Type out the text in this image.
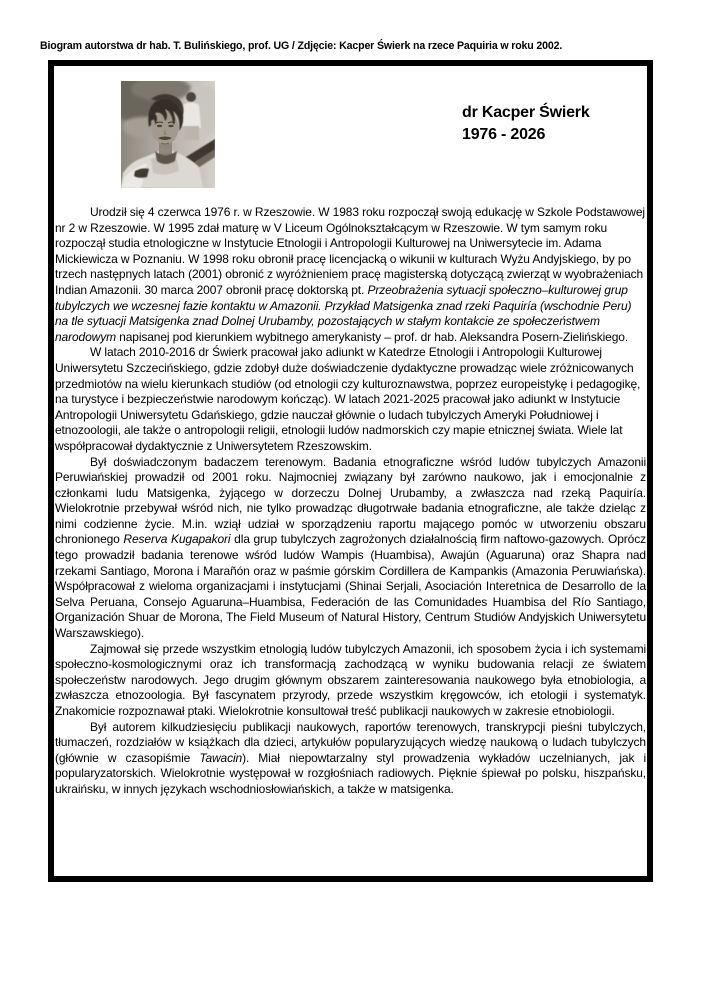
Biogram autorstwa dr hab. T. Bulińskiego, prof. UG / Zdjęcie: Kacper Świerk na rzece Paquiria w roku 2002.
dr Kacper Świerk
1976 - 2026

Urodził się 4 czerwca 1976 r. w Rzeszowie. W 1983 roku rozpoczął swoją edukację w Szkole Podstawowej nr 2 w Rzeszowie. W 1995 zdał maturę w V Liceum Ogólnokształcącym w Rzeszowie. W tym samym roku rozpoczął studia etnologiczne w Instytucie Etnologii i Antropologii Kulturowej na Uniwersytecie im. Adama Mickiewicza w Poznaniu. W 1998 roku obronił pracę licencjacką o wikunii w kulturach Wyżu Andyjskiego, by po trzech następnych latach (2001) obronić z wyróżnieniem pracę magisterską dotyczącą zwierząt w wyobrażeniach Indian Amazonii. 30 marca 2007 obronił pracę doktorską pt. Przeobrażenia sytuacji społeczno–kulturowej grup tubylczych we wczesnej fazie kontaktu w Amazonii. Przykład Matsigenka znad rzeki Paquiría (wschodnie Peru) na tle sytuacji Matsigenka znad Dolnej Urubamby, pozostających w stałym kontakcie ze społeczeństwem narodowym napisanej pod kierunkiem wybitnego amerykanisty – prof. dr hab. Aleksandra Posern-Zielińskiego.

W latach 2010-2016 dr Świerk pracował jako adiunkt w Katedrze Etnologii i Antropologii Kulturowej Uniwersytetu Szczecińskiego, gdzie zdobył duże doświadczenie dydaktyczne prowadząc wiele zróżnicowanych przedmiotów na wielu kierunkach studiów (od etnologii czy kulturoznawstwa, poprzez europeistykę i pedagogikę, na turystyce i bezpieczeństwie narodowym kończąc). W latach 2021-2025 pracował jako adiunkt w Instytucie Antropologii Uniwersytetu Gdańskiego, gdzie nauczał głównie o ludach tubylczych Ameryki Południowej i etnozoologii, ale także o antropologii religii, etnologii ludów nadmorskich czy mapie etnicznej świata. Wiele lat współpracował dydaktycznie z Uniwersytetem Rzeszowskim.

Był doświadczonym badaczem terenowym. Badania etnograficzne wśród ludów tubylczych Amazonii Peruwiańskiej prowadził od 2001 roku. Najmocniej związany był zarówno naukowo, jak i emocjonalnie z członkami ludu Matsigenka, żyjącego w dorzeczu Dolnej Urubamby, a zwłaszcza nad rzeką Paquiría. Wielokrotnie przebywał wśród nich, nie tylko prowadząc długotrwałe badania etnograficzne, ale także dzieląc z nimi codzienne życie. M.in. wziął udział w sporządzeniu raportu mającego pomóc w utworzeniu obszaru chronionego Reserva Kugapakori dla grup tubylczych zagrożonych działalnością firm naftowo-gazowych. Oprócz tego prowadził badania terenowe wśród ludów Wampis (Huambisa), Awajún (Aguaruna) oraz Shapra nad rzekami Santiago, Morona i Marañón oraz w paśmie górskim Cordillera de Kampankis (Amazonia Peruwiańska). Współpracował z wieloma organizacjami i instytucjami (Shinai Serjali, Asociación Interetnica de Desarrollo de la Selva Peruana, Consejo Aguaruna–Huambisa, Federación de las Comunidades Huambisa del Río Santiago, Organización Shuar de Morona, The Field Museum of Natural History, Centrum Studiów Andyjskich Uniwersytetu Warszawskiego).

Zajmował się przede wszystkim etnologią ludów tubylczych Amazonii, ich sposobem życia i ich systemami społeczno-kosmologicznymi oraz ich transformacją zachodzącą w wyniku budowania relacji ze światem społeczeństw narodowych. Jego drugim głównym obszarem zainteresowania naukowego była etnobiologia, a zwłaszcza etnozoologia. Był fascynatem przyrody, przede wszystkim kręgowców, ich etologii i systematyk. Znakomicie rozpoznawał ptaki. Wielokrotnie konsultował treść publikacji naukowych w zakresie etnobiologii.

Był autorem kilkudziesięciu publikacji naukowych, raportów terenowych, transkrypcji pieśni tubylczych, tłumaczeń, rozdziałów w książkach dla dzieci, artykułów popularyzujących wiedzę naukową o ludach tubylczych (głównie w czasopiśmie Tawacin). Miał niepowtarzalny styl prowadzenia wykładów uczelnianych, jak i popularyzatorskich. Wielokrotnie występował w rozgłośniach radiowych. Pięknie śpiewał po polsku, hiszpańsku, ukraińsku, w innych językach wschodniosłowiańskich, a także w matsigenka.
